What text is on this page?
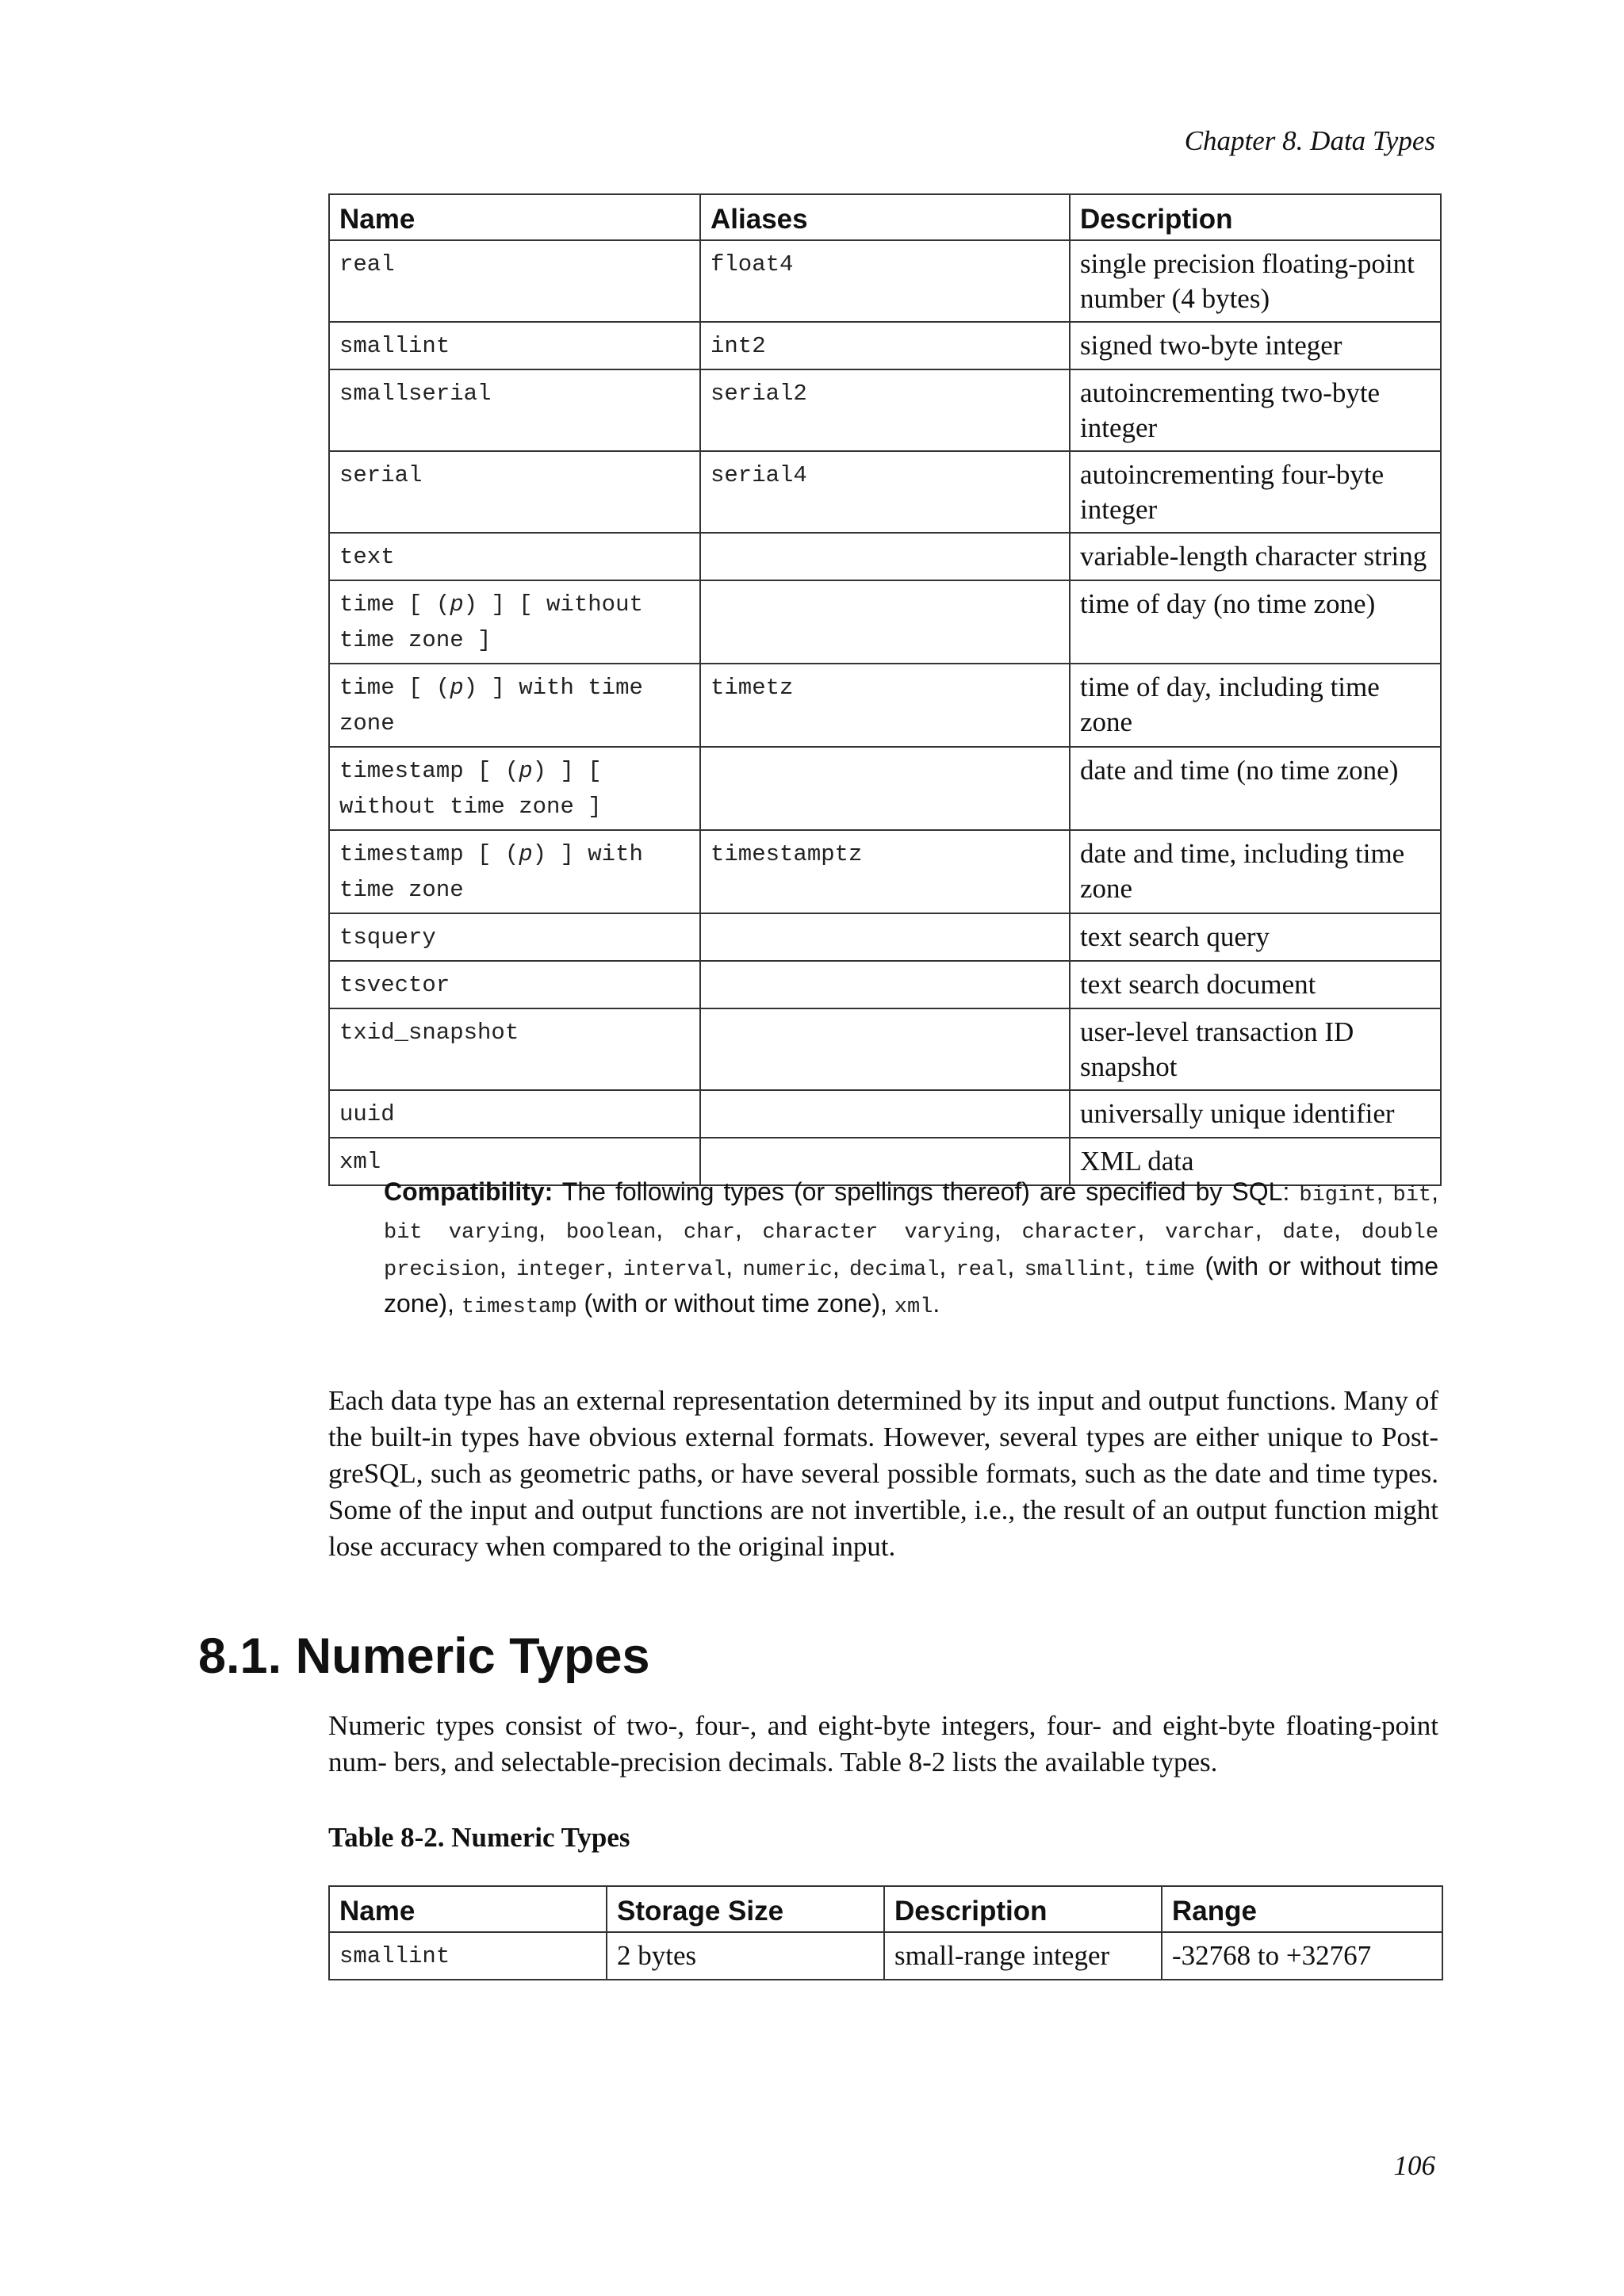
Chapter 8. Data Types
Name	Aliases	Description
real	float4	single precision floating-point number (4 bytes)
smallint	int2	signed two-byte integer
smallserial	serial2	autoincrementing two-byte integer
serial	serial4	autoincrementing four-byte integer
text		variable-length character string
time [ (p) ] [ without time zone ]		time of day (no time zone)
time [ (p) ] with time zone	timetz	time of day, including time zone
timestamp [ (p) ] [ without time zone ]		date and time (no time zone)
timestamp [ (p) ] with time zone	timestamptz	date and time, including time zone
tsquery		text search query
tsvector		text search document
txid_snapshot		user-level transaction ID snapshot
uuid		universally unique identifier
xml		XML data
Compatibility: The following types (or spellings thereof) are specified by SQL: bigint, bit, bit varying, boolean, char, character varying, character, varchar, date, double precision, integer, interval, numeric, decimal, real, smallint, time (with or without time zone), timestamp (with or without time zone), xml.
Each data type has an external representation determined by its input and output functions. Many of the built-in types have obvious external formats. However, several types are either unique to Post- greSQL, such as geometric paths, or have several possible formats, such as the date and time types. Some of the input and output functions are not invertible, i.e., the result of an output function might lose accuracy when compared to the original input.
8.1. Numeric Types
Numeric types consist of two-, four-, and eight-byte integers, four- and eight-byte floating-point num- bers, and selectable-precision decimals. Table 8-2 lists the available types.
Table 8-2. Numeric Types
Name	Storage Size	Description	Range
smallint	2 bytes	small-range integer	-32768 to +32767
106
